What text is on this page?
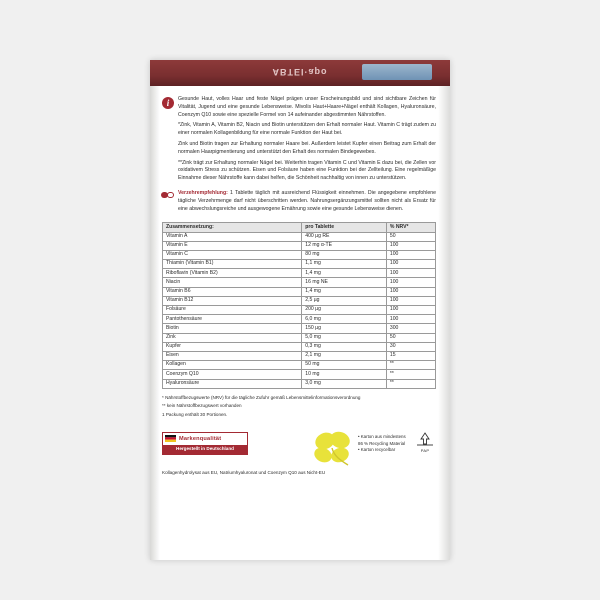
ABTEI·apo
i	Gesunde Haut, volles Haar und feste Nägel prägen unser Erscheinungsbild und sind sichtbare Zeichen für Vitalität, Jugend und eine gesunde Lebensweise. Mivolis Haut+Haare+Nägel enthält Kollagen, Hyaluronsäure, Coenzym Q10 sowie eine spezielle Formel von 14 aufeinander abgestimmten Nährstoffen.

*Zink, Vitamin A, Vitamin B2, Niacin und Biotin unterstützen den Erhalt normaler Haut. Vitamin C trägt zudem zu einer normalen Kollagenbildung für eine normale Funktion der Haut bei.

Zink und Biotin tragen zur Erhaltung normaler Haare bei. Außerdem leistet Kupfer einen Beitrag zum Erhalt der normalen Haarpigmentierung und unterstützt den Erhalt des normalen Bindegewebes.

**Zink trägt zur Erhaltung normaler Nägel bei. Weiterhin tragen Vitamin C und Vitamin E dazu bei, die Zellen vor oxidativem Stress zu schützen. Eisen und Folsäure haben eine Funktion bei der Zellteilung. Eine regelmäßige Einnahme dieser Nährstoffe kann dabei helfen, die Schönheit nachhaltig von innen zu unterstützen.

Verzehrempfehlung: 1 Tablette täglich mit ausreichend Flüssigkeit einnehmen. Die angegebene empfohlene tägliche Verzehrmenge darf nicht überschritten werden. Nahrungsergänzungsmittel sollten nicht als Ersatz für eine abwechslungsreiche und ausgewogene Ernährung sowie eine gesunde Lebensweise dienen.

Zusammensetzung:	pro Tablette	% NRV*
Vitamin A	400 µg RE	50
Vitamin E	12 mg α-TE	100
Vitamin C	80 mg	100
Thiamin (Vitamin B1)	1,1 mg	100
Riboflavin (Vitamin B2)	1,4 mg	100
Niacin	16 mg NE	100
Vitamin B6	1,4 mg	100
Vitamin B12	2,5 µg	100
Folsäure	200 µg	100
Pantothensäure	6,0 mg	100
Biotin	150 µg	300
Zink	5,0 mg	50
Kupfer	0,3 mg	30
Eisen	2,1 mg	15
Kollagen	50 mg	**
Coenzym Q10	10 mg	**
Hyaluronsäure	3,0 mg	**

* Nährstoffbezugswerte (NRV) für die tägliche Zufuhr gemäß Lebensmittelinformationsverordnung

** kein Nährstoffbezugswert vorhanden

1 Packung enthält 30 Portionen.

Markenqualität
Hergestellt in Deutschland
• Karton aus mindestens
86 % Recycling Material
• Karton recycelbar	PAP

Kollagenhydrolysat aus EU, Natriumhyaluronat und Coenzym Q10 aus Nicht-EU
